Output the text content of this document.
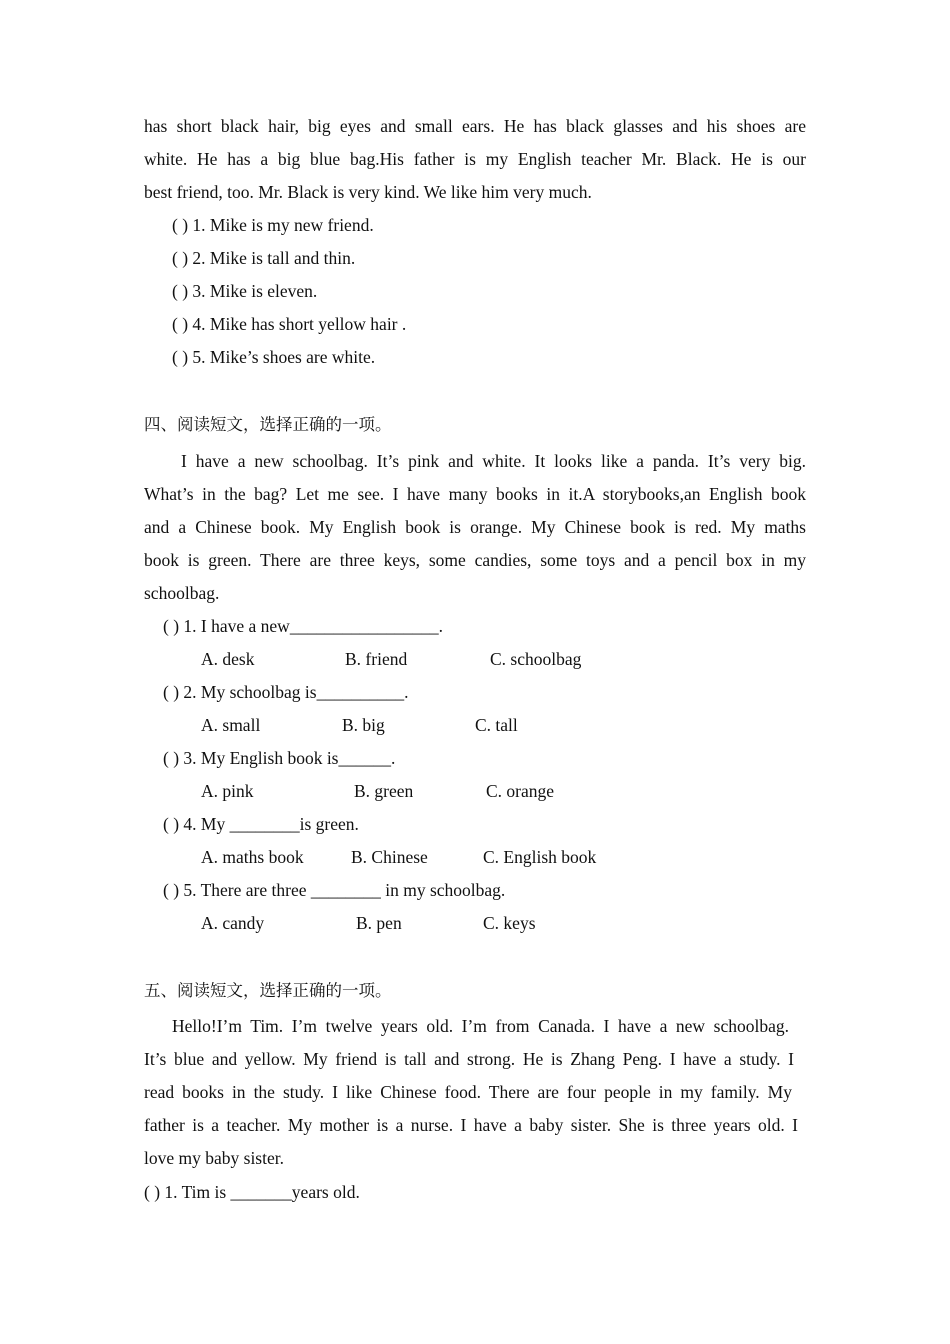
has short black hair, big eyes and small ears. He has black glasses and his shoes are
white. He has a big blue bag.His father is my English teacher Mr. Black. He is our
best friend, too. Mr. Black is very kind. We like him very much.
( ) 1. Mike is my new friend.
( ) 2. Mike is tall and thin.
( ) 3. Mike is eleven.
( ) 4. Mike has short yellow hair .
( ) 5. Mike’s shoes are white.
四、阅读短文，选择正确的一项。
I have a new schoolbag. It’s pink and white. It looks like a panda. It’s very big.
What’s in the bag? Let me see. I have many books in it.A storybooks,an English book
and a Chinese book. My English book is orange. My Chinese book is red. My maths
book is green. There are three keys, some candies, some toys and a pencil box in my
schoolbag.
( ) 1. I have a new_________________.
A. desk	B. friend	C. schoolbag
( ) 2. My schoolbag is__________.
A. small	B. big	C. tall
( ) 3. My English book is______.
A. pink	B. green	C. orange
( ) 4. My ________is green.
A. maths book	B. Chinese	C. English book
( ) 5. There are three ________ in my schoolbag.
A. candy	B. pen	C. keys
五、阅读短文，选择正确的一项。
Hello!I’m Tim. I’m twelve years old. I’m from Canada. I have a new schoolbag.
It’s blue and yellow. My friend is tall and strong. He is Zhang Peng. I have a study. I
read books in the study. I like Chinese food. There are four people in my family. My
father is a teacher. My mother is a nurse. I have a baby sister. She is three years old. I
love my baby sister.
( ) 1. Tim is _______years old.
